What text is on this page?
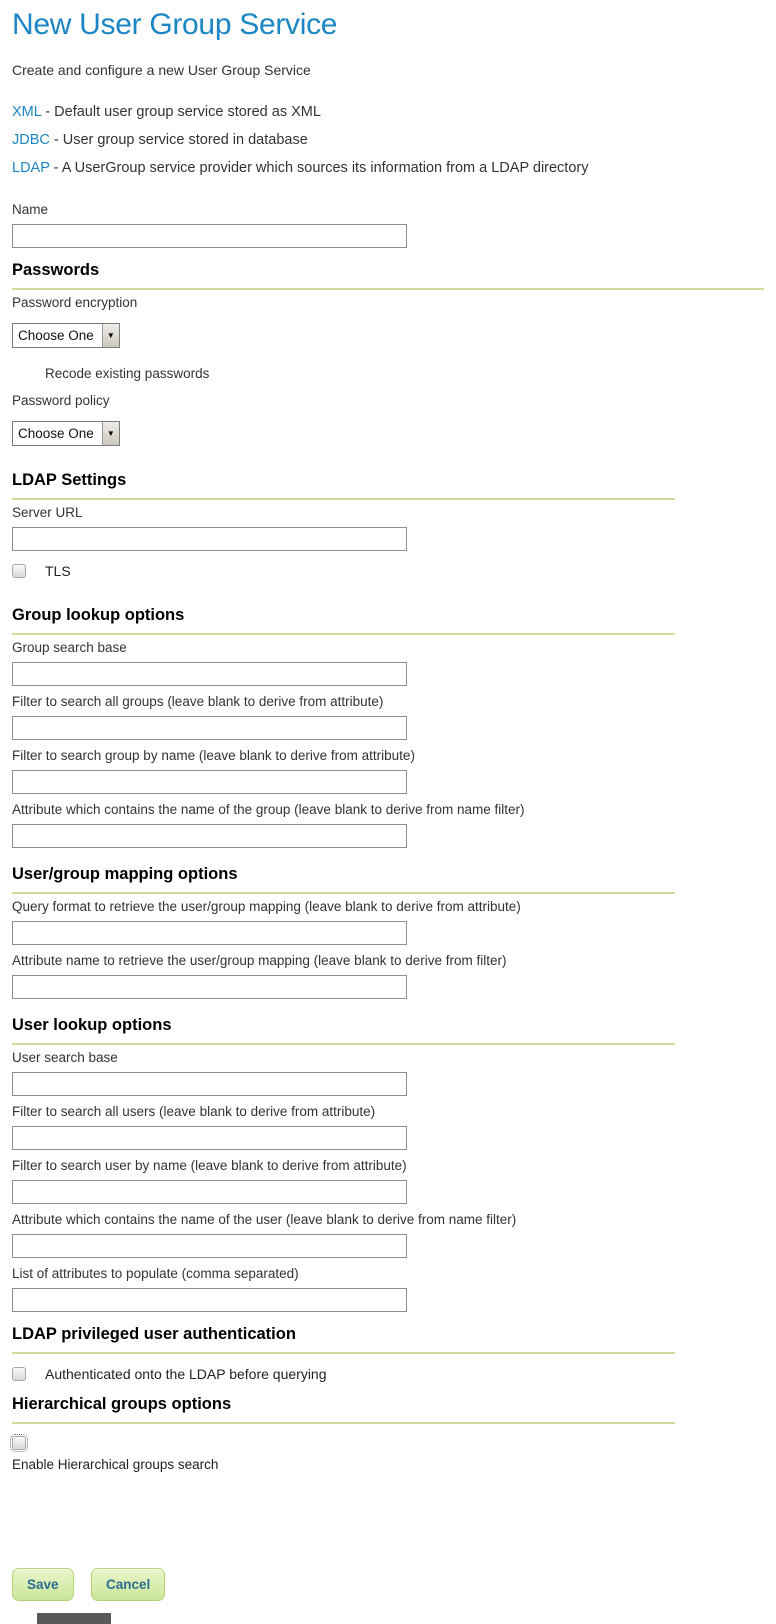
New User Group Service

Create and configure a new User Group Service

XML - Default user group service stored as XML
JDBC - User group service stored in database
LDAP - A UserGroup service provider which sources its information from a LDAP directory
Name
Passwords
Password encryption
Choose One	▼
Recode existing passwords
Password policy
Choose One	▼
LDAP Settings
Server URL
TLS
Group lookup options
Group search base
Filter to search all groups (leave blank to derive from attribute)
Filter to search group by name (leave blank to derive from attribute)
Attribute which contains the name of the group (leave blank to derive from name filter)
User/group mapping options
Query format to retrieve the user/group mapping (leave blank to derive from attribute)
Attribute name to retrieve the user/group mapping (leave blank to derive from filter)
User lookup options
User search base
Filter to search all users (leave blank to derive from attribute)
Filter to search user by name (leave blank to derive from attribute)
Attribute which contains the name of the user (leave blank to derive from name filter)
List of attributes to populate (comma separated)
LDAP privileged user authentication
Authenticated onto the LDAP before querying
Hierarchical groups options
Enable Hierarchical groups search
Save	Cancel
